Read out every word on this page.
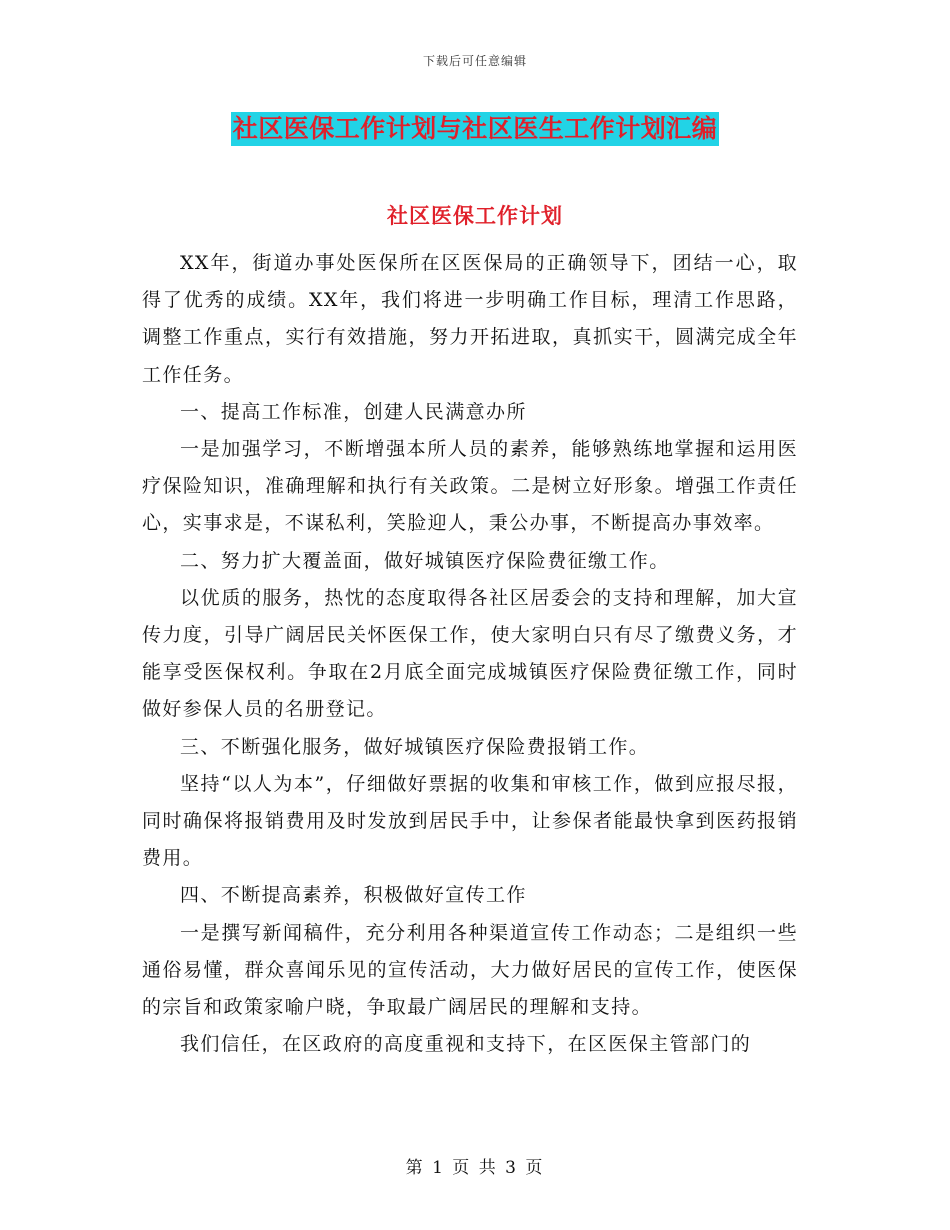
下载后可任意编辑
社区医保工作计划与社区医生工作计划汇编
社区医保工作计划

XX年，街道办事处医保所在区医保局的正确领导下，团结一心，取得了优秀的成绩。XX年，我们将进一步明确工作目标，理清工作思路，调整工作重点，实行有效措施，努力开拓进取，真抓实干，圆满完成全年工作任务。

一、提高工作标准，创建人民满意办所

一是加强学习，不断增强本所人员的素养，能够熟练地掌握和运用医疗保险知识，准确理解和执行有关政策。二是树立好形象。增强工作责任心，实事求是，不谋私利，笑脸迎人，秉公办事，不断提高办事效率。

二、努力扩大覆盖面，做好城镇医疗保险费征缴工作。

以优质的服务，热忱的态度取得各社区居委会的支持和理解，加大宣传力度，引导广阔居民关怀医保工作，使大家明白只有尽了缴费义务，才能享受医保权利。争取在2月底全面完成城镇医疗保险费征缴工作，同时做好参保人员的名册登记。

三、不断强化服务，做好城镇医疗保险费报销工作。

坚持“以人为本”，仔细做好票据的收集和审核工作，做到应报尽报，同时确保将报销费用及时发放到居民手中，让参保者能最快拿到医药报销费用。

四、不断提高素养，积极做好宣传工作

一是撰写新闻稿件，充分利用各种渠道宣传工作动态；二是组织一些通俗易懂，群众喜闻乐见的宣传活动，大力做好居民的宣传工作，使医保的宗旨和政策家喻户晓，争取最广阔居民的理解和支持。

我们信任，在区政府的高度重视和支持下，在区医保主管部门的

第 1 页 共 3 页
